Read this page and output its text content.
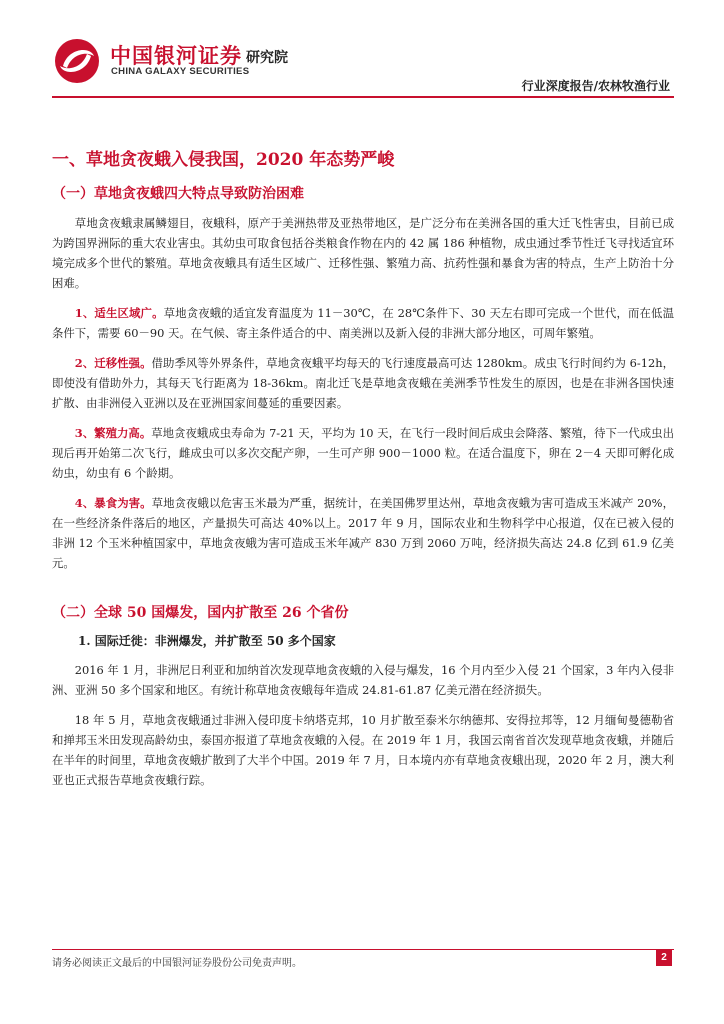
中国银河证券
CHINA GALAXY SECURITIES
研究院
行业深度报告/农林牧渔行业
一、草地贪夜蛾入侵我国，2020 年态势严峻
（一）草地贪夜蛾四大特点导致防治困难

草地贪夜蛾隶属鳞翅目，夜蛾科，原产于美洲热带及亚热带地区，是广泛分布在美洲各国的重大迁飞性害虫，目前已成为跨国界洲际的重大农业害虫。其幼虫可取食包括谷类粮食作物在内的 42 属 186 种植物，成虫通过季节性迁飞寻找适宜环境完成多个世代的繁殖。草地贪夜蛾具有适生区域广、迁移性强、繁殖力高、抗药性强和暴食为害的特点，生产上防治十分困难。

1、适生区域广。草地贪夜蛾的适宜发育温度为 11－30℃，在 28℃条件下、30 天左右即可完成一个世代，而在低温条件下，需要 60－90 天。在气候、寄主条件适合的中、南美洲以及新入侵的非洲大部分地区，可周年繁殖。

2、迁移性强。借助季风等外界条件，草地贪夜蛾平均每天的飞行速度最高可达 1280km。成虫飞行时间约为 6-12h，即使没有借助外力，其每天飞行距离为 18-36km。南北迁飞是草地贪夜蛾在美洲季节性发生的原因，也是在非洲各国快速扩散、由非洲侵入亚洲以及在亚洲国家间蔓延的重要因素。

3、繁殖力高。草地贪夜蛾成虫寿命为 7-21 天，平均为 10 天，在飞行一段时间后成虫会降落、繁殖，待下一代成虫出现后再开始第二次飞行，雌成虫可以多次交配产卵，一生可产卵 900－1000 粒。在适合温度下，卵在 2－4 天即可孵化成幼虫，幼虫有 6 个龄期。

4、暴食为害。草地贪夜蛾以危害玉米最为严重，据统计，在美国佛罗里达州，草地贪夜蛾为害可造成玉米减产 20%，在一些经济条件落后的地区，产量损失可高达 40%以上。2017 年 9 月，国际农业和生物科学中心报道，仅在已被入侵的非洲 12 个玉米种植国家中，草地贪夜蛾为害可造成玉米年减产 830 万到 2060 万吨，经济损失高达 24.8 亿到 61.9 亿美元。

（二）全球 50 国爆发，国内扩散至 26 个省份
1. 国际迁徙：非洲爆发，并扩散至 50 多个国家

2016 年 1 月，非洲尼日利亚和加纳首次发现草地贪夜蛾的入侵与爆发，16 个月内至少入侵 21 个国家，3 年内入侵非洲、亚洲 50 多个国家和地区。有统计称草地贪夜蛾每年造成 24.81-61.87 亿美元潜在经济损失。

18 年 5 月，草地贪夜蛾通过非洲入侵印度卡纳塔克邦，10 月扩散至泰米尔纳德邦、安得拉邦等，12 月缅甸曼德勒省和掸邦玉米田发现高龄幼虫，泰国亦报道了草地贪夜蛾的入侵。在 2019 年 1 月，我国云南省首次发现草地贪夜蛾，并随后在半年的时间里，草地贪夜蛾扩散到了大半个中国。2019 年 7 月，日本境内亦有草地贪夜蛾出现，2020 年 2 月，澳大利亚也正式报告草地贪夜蛾行踪。

请务必阅读正文最后的中国银河证券股份公司免责声明。
2
